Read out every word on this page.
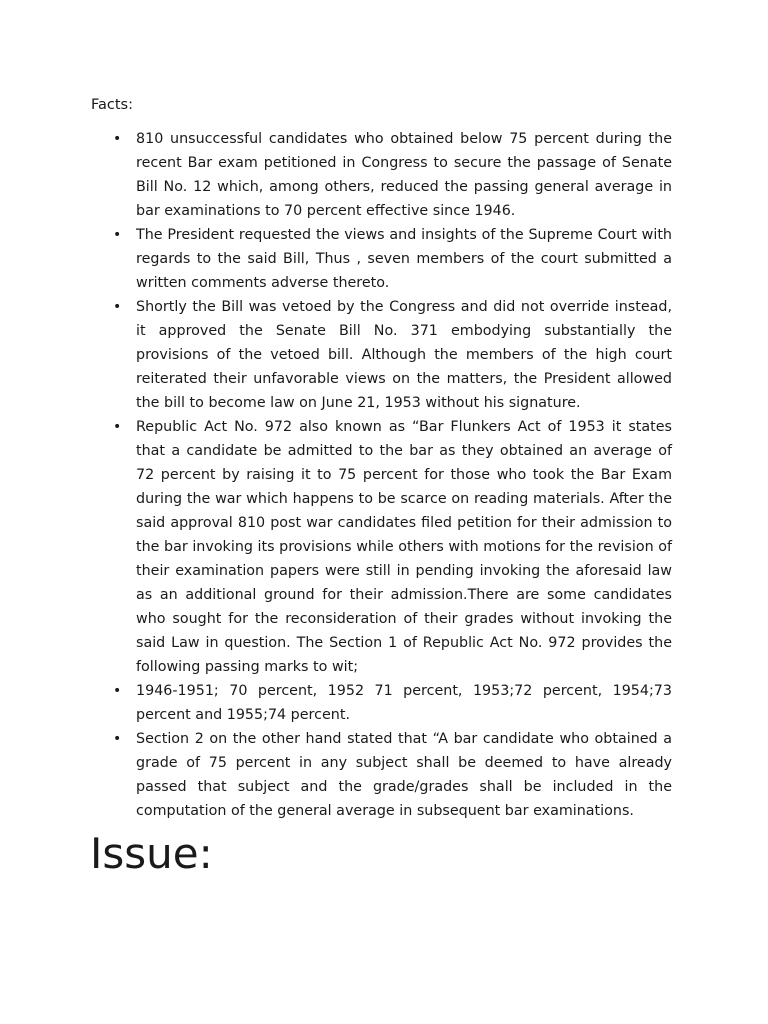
Facts:

• 810 unsuccessful candidates who obtained below 75 percent during the recent Bar exam petitioned in Congress to secure the passage of Senate Bill No. 12 which, among others, reduced the passing general average in bar examinations to 70 percent effective since 1946.
• The President requested the views and insights of the Supreme Court with regards to the said Bill, Thus , seven members of the court submitted a written comments adverse thereto.
• Shortly the Bill was vetoed by the Congress and did not override instead, it approved the Senate Bill No. 371 embodying substantially the provisions of the vetoed bill. Although the members of the high court reiterated their unfavorable views on the matters, the President allowed the bill to become law on June 21, 1953 without his signature.
• Republic Act No. 972 also known as “Bar Flunkers Act of 1953 it states that a candidate be admitted to the bar as they obtained an average of 72 percent by raising it to 75 percent for those who took the Bar Exam during the war which happens to be scarce on reading materials. After the said approval 810 post war candidates filed petition for their admission to the bar invoking its provisions while others with motions for the revision of their examination papers were still in pending invoking the aforesaid law as an additional ground for their admission.There are some candidates who sought for the reconsideration of their grades without invoking the said Law in question. The Section 1 of Republic Act No. 972 provides the following passing marks to wit;
• 1946-1951; 70 percent, 1952 71 percent, 1953;72 percent, 1954;73 percent and 1955;74 percent.
• Section 2 on the other hand stated that “A bar candidate who obtained a grade of 75 percent in any subject shall be deemed to have already passed that subject and the grade/grades shall be included in the computation of the general average in subsequent bar examinations.
Issue:
